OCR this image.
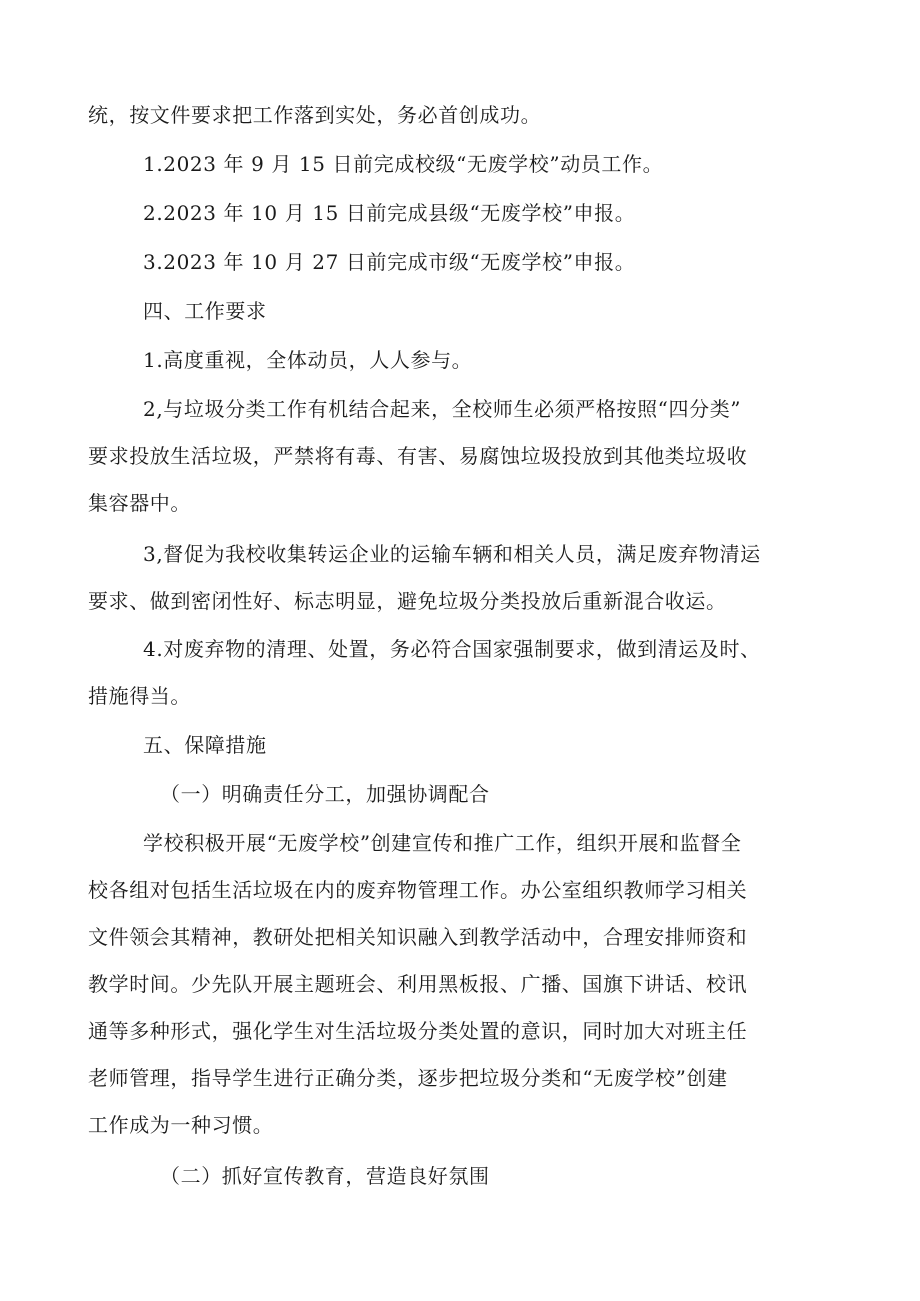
统，按文件要求把工作落到实处，务必首创成功。
1.2023 年 9 月 15 日前完成校级“无废学校”动员工作。
2.2023 年 10 月 15 日前完成县级“无废学校”申报。
3.2023 年 10 月 27 日前完成市级“无废学校”申报。
四、工作要求
1.高度重视，全体动员，人人参与。
2,与垃圾分类工作有机结合起来，全校师生必须严格按照“四分类”
要求投放生活垃圾，严禁将有毒、有害、易腐蚀垃圾投放到其他类垃圾收
集容器中。
3,督促为我校收集转运企业的运输车辆和相关人员，满足废弃物清运
要求、做到密闭性好、标志明显，避免垃圾分类投放后重新混合收运。
4.对废弃物的清理、处置，务必符合国家强制要求，做到清运及时、
措施得当。
五、保障措施
（一）明确责任分工，加强协调配合
学校积极开展“无废学校”创建宣传和推广工作，组织开展和监督全
校各组对包括生活垃圾在内的废弃物管理工作。办公室组织教师学习相关
文件领会其精神，教研处把相关知识融入到教学活动中，合理安排师资和
教学时间。少先队开展主题班会、利用黑板报、广播、国旗下讲话、校讯
通等多种形式，强化学生对生活垃圾分类处置的意识，同时加大对班主任
老师管理，指导学生进行正确分类，逐步把垃圾分类和“无废学校”创建
工作成为一种习惯。
（二）抓好宣传教育，营造良好氛围
